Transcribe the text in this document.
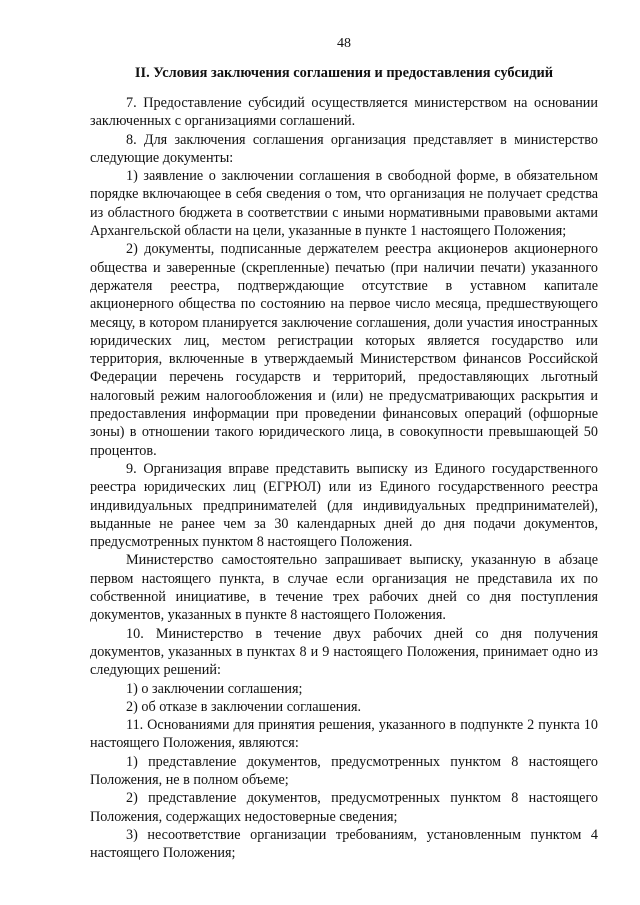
48
II. Условия заключения соглашения и предоставления субсидий

7. Предоставление субсидий осуществляется министерством на основании заключенных с организациями соглашений.

8. Для заключения соглашения организация представляет в министерство следующие документы:

1) заявление о заключении соглашения в свободной форме, в обязательном порядке включающее в себя сведения о том, что организация не получает средства из областного бюджета в соответствии с иными нормативными правовыми актами Архангельской области на цели, указанные в пункте 1 настоящего Положения;

2) документы, подписанные держателем реестра акционеров акционерного общества и заверенные (скрепленные) печатью (при наличии печати) указанного держателя реестра, подтверждающие отсутствие в уставном капитале акционерного общества по состоянию на первое число месяца, предшествующего месяцу, в котором планируется заключение соглашения, доли участия иностранных юридических лиц, местом регистрации которых является государство или территория, включенные в утверждаемый Министерством финансов Российской Федерации перечень государств и территорий, предоставляющих льготный налоговый режим налогообложения и (или) не предусматривающих раскрытия и предоставления информации при проведении финансовых операций (офшорные зоны) в отношении такого юридического лица, в совокупности превышающей 50 процентов.

9. Организация вправе представить выписку из Единого государственного реестра юридических лиц (ЕГРЮЛ) или из Единого государственного реестра индивидуальных предпринимателей (для индивидуальных предпринимателей), выданные не ранее чем за 30 календарных дней до дня подачи документов, предусмотренных пунктом 8 настоящего Положения.

Министерство самостоятельно запрашивает выписку, указанную в абзаце первом настоящего пункта, в случае если организация не представила их по собственной инициативе, в течение трех рабочих дней со дня поступления документов, указанных в пункте 8 настоящего Положения.

10. Министерство в течение двух рабочих дней со дня получения документов, указанных в пунктах 8 и 9 настоящего Положения, принимает одно из следующих решений:

1) о заключении соглашения;

2) об отказе в заключении соглашения.

11. Основаниями для принятия решения, указанного в подпункте 2 пункта 10 настоящего Положения, являются:

1) представление документов, предусмотренных пунктом 8 настоящего Положения, не в полном объеме;

2) представление документов, предусмотренных пунктом 8 настоящего Положения, содержащих недостоверные сведения;

3) несоответствие организации требованиям, установленным пунктом 4 настоящего Положения;
